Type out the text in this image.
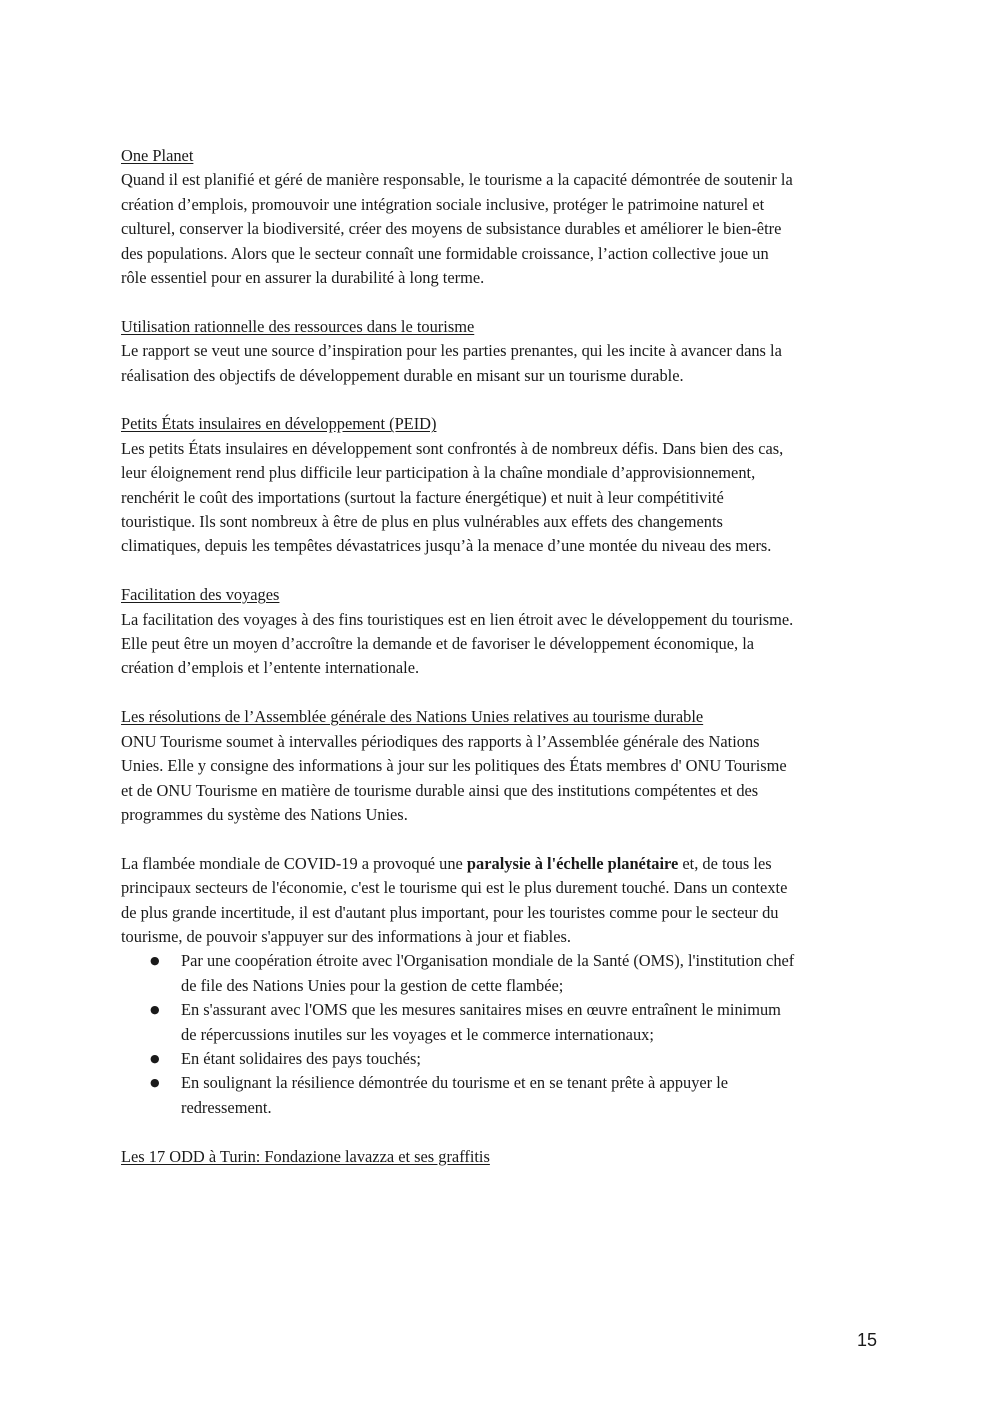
One Planet
Quand il est planifié et géré de manière responsable, le tourisme a la capacité démontrée de soutenir la
création d’emplois, promouvoir une intégration sociale inclusive, protéger le patrimoine naturel et
culturel, conserver la biodiversité, créer des moyens de subsistance durables et améliorer le bien-être
des populations. Alors que le secteur connaît une formidable croissance, l’action collective joue un
rôle essentiel pour en assurer la durabilité à long terme.
Utilisation rationnelle des ressources dans le tourisme
Le rapport se veut une source d’inspiration pour les parties prenantes, qui les incite à avancer dans la
réalisation des objectifs de développement durable en misant sur un tourisme durable.
Petits États insulaires en développement (PEID)
Les petits États insulaires en développement sont confrontés à de nombreux défis. Dans bien des cas,
leur éloignement rend plus difficile leur participation à la chaîne mondiale d’approvisionnement,
renchérit le coût des importations (surtout la facture énergétique) et nuit à leur compétitivité
touristique. Ils sont nombreux à être de plus en plus vulnérables aux effets des changements
climatiques, depuis les tempêtes dévastatrices jusqu’à la menace d’une montée du niveau des mers.
Facilitation des voyages
La facilitation des voyages à des fins touristiques est en lien étroit avec le développement du tourisme.
Elle peut être un moyen d’accroître la demande et de favoriser le développement économique, la
création d’emplois et l’entente internationale.
Les résolutions de l’Assemblée générale des Nations Unies relatives au tourisme durable
ONU Tourisme soumet à intervalles périodiques des rapports à l’Assemblée générale des Nations
Unies. Elle y consigne des informations à jour sur les politiques des États membres d' ONU Tourisme
et de ONU Tourisme en matière de tourisme durable ainsi que des institutions compétentes et des
programmes du système des Nations Unies.
La flambée mondiale de COVID-19 a provoqué une paralysie à l'échelle planétaire et, de tous les
principaux secteurs de l'économie, c'est le tourisme qui est le plus durement touché. Dans un contexte
de plus grande incertitude, il est d'autant plus important, pour les touristes comme pour le secteur du
tourisme, de pouvoir s'appuyer sur des informations à jour et fiables.
● Par une coopération étroite avec l'Organisation mondiale de la Santé (OMS), l'institution chef
de file des Nations Unies pour la gestion de cette flambée;
● En s'assurant avec l'OMS que les mesures sanitaires mises en œuvre entraînent le minimum
de répercussions inutiles sur les voyages et le commerce internationaux;
● En étant solidaires des pays touchés;
● En soulignant la résilience démontrée du tourisme et en se tenant prête à appuyer le
redressement.
Les 17 ODD à Turin: Fondazione lavazza et ses graffitis
15
